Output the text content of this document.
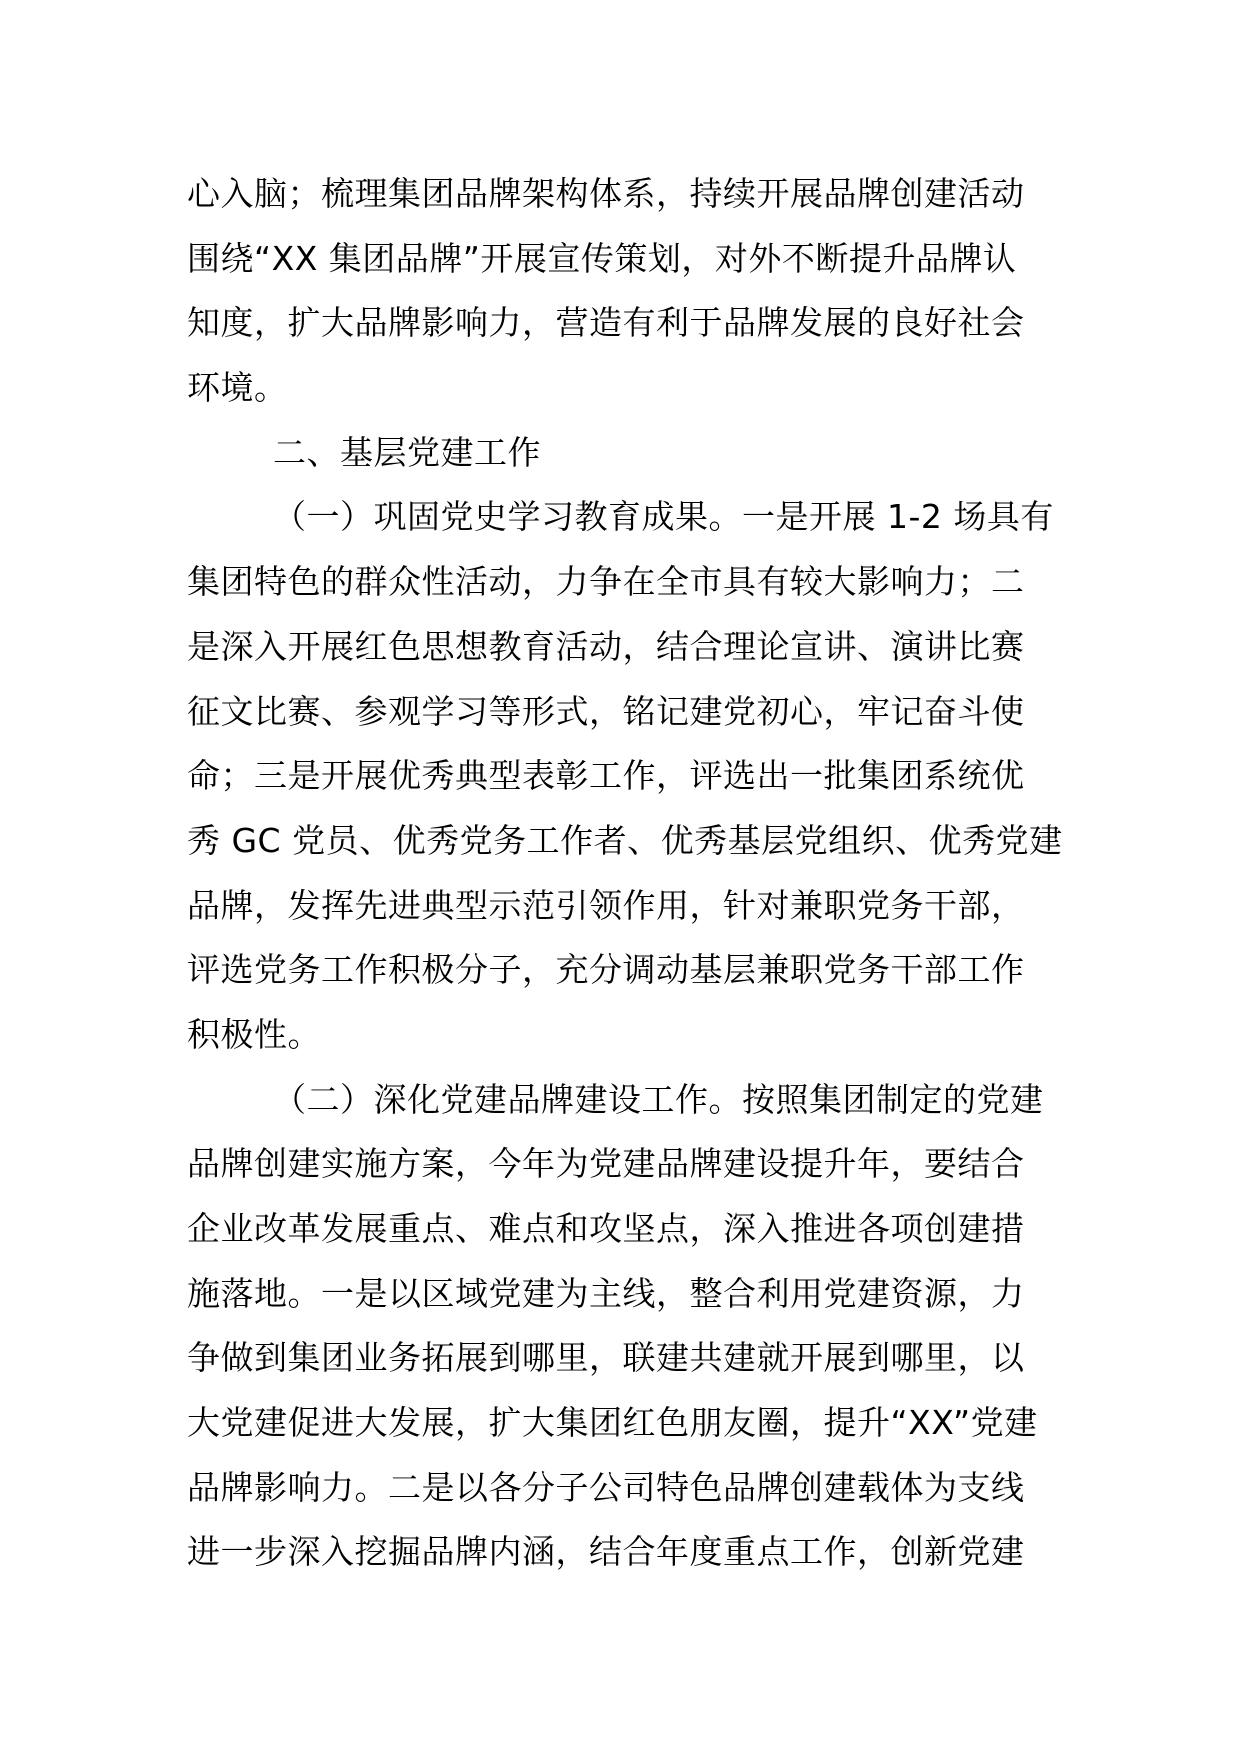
心入脑；梳理集团品牌架构体系，持续开展品牌创建活动
围绕“XX 集团品牌”开展宣传策划，对外不断提升品牌认
知度，扩大品牌影响力，营造有利于品牌发展的良好社会
环境。
二、基层党建工作
（一）巩固党史学习教育成果。一是开展 1-2 场具有
集团特色的群众性活动，力争在全市具有较大影响力；二
是深入开展红色思想教育活动，结合理论宣讲、演讲比赛
征文比赛、参观学习等形式，铭记建党初心，牢记奋斗使
命；三是开展优秀典型表彰工作，评选出一批集团系统优
秀 GC 党员、优秀党务工作者、优秀基层党组织、优秀党建
品牌，发挥先进典型示范引领作用，针对兼职党务干部，
评选党务工作积极分子，充分调动基层兼职党务干部工作
积极性。
（二）深化党建品牌建设工作。按照集团制定的党建
品牌创建实施方案，今年为党建品牌建设提升年，要结合
企业改革发展重点、难点和攻坚点，深入推进各项创建措
施落地。一是以区域党建为主线，整合利用党建资源，力
争做到集团业务拓展到哪里，联建共建就开展到哪里，以
大党建促进大发展，扩大集团红色朋友圈，提升“XX”党建
品牌影响力。二是以各分子公司特色品牌创建载体为支线
进一步深入挖掘品牌内涵，结合年度重点工作，创新党建
